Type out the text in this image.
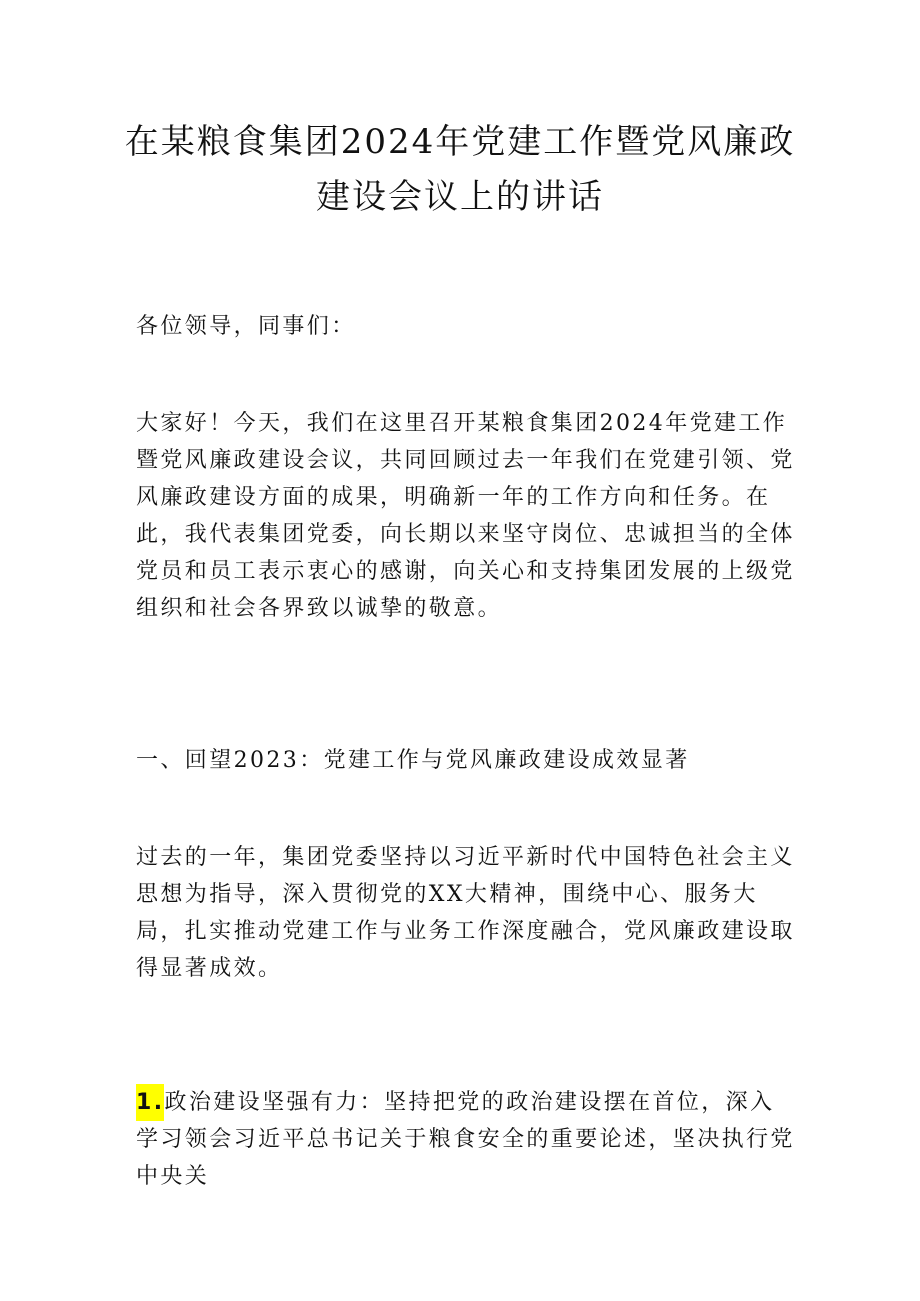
在某粮食集团2024年党建工作暨党风廉政
建设会议上的讲话

各位领导，同事们：

大家好！今天，我们在这里召开某粮食集团2024年党建工作暨党风廉政建设会议，共同回顾过去一年我们在党建引领、党风廉政建设方面的成果，明确新一年的工作方向和任务。在此，我代表集团党委，向长期以来坚守岗位、忠诚担当的全体党员和员工表示衷心的感谢，向关心和支持集团发展的上级党组织和社会各界致以诚挚的敬意。

一、回望2023：党建工作与党风廉政建设成效显著

过去的一年，集团党委坚持以习近平新时代中国特色社会主义思想为指导，深入贯彻党的XX大精神，围绕中心、服务大局，扎实推动党建工作与业务工作深度融合，党风廉政建设取得显著成效。

1.政治建设坚强有力：坚持把党的政治建设摆在首位，深入学习领会习近平总书记关于粮食安全的重要论述，坚决执行党中央关
